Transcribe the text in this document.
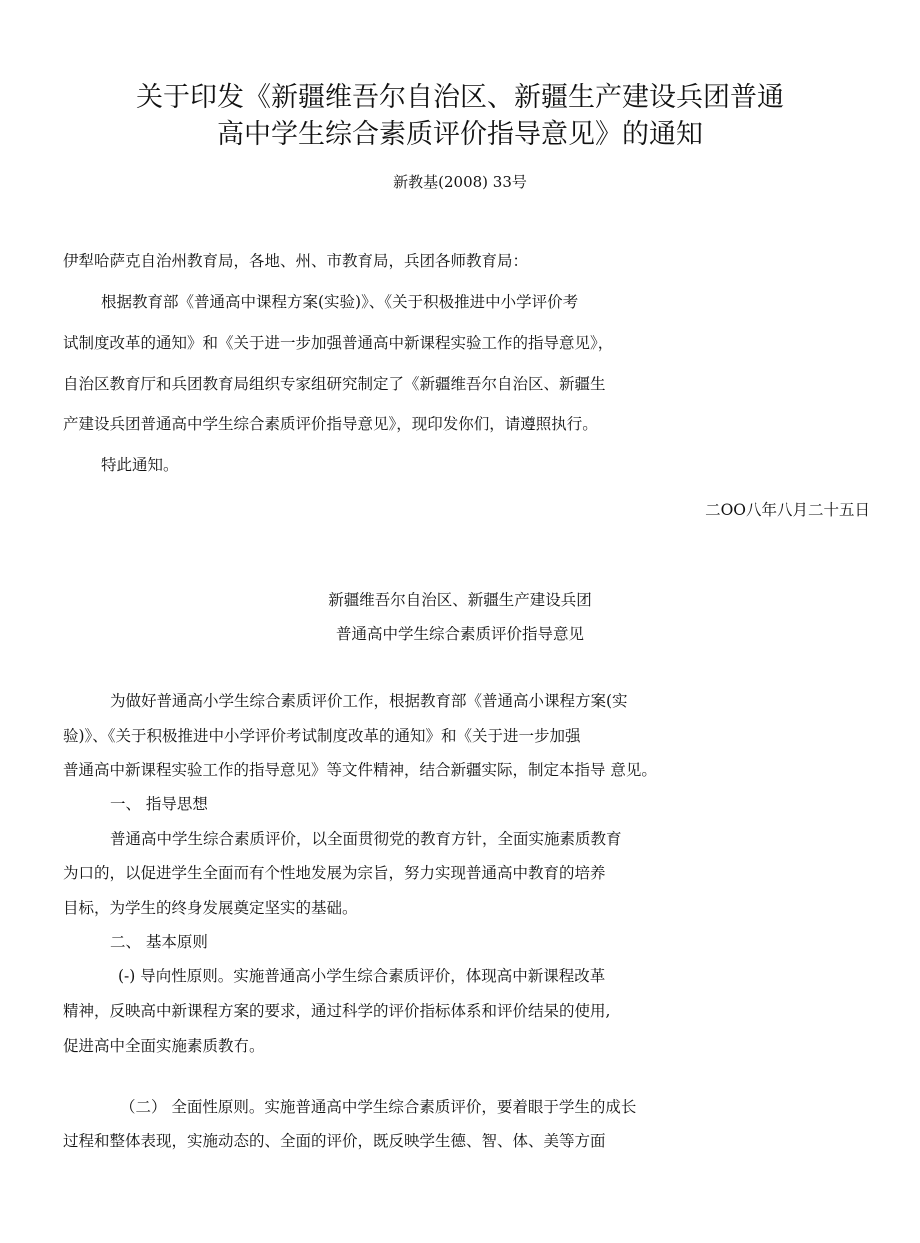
关于印发《新疆维吾尔自治区、新疆生产建设兵团普通
高中学生综合素质评价指导意见》的通知
新教基(2008) 33号
伊犁哈萨克自治州教育局，各地、州、市教育局，兵团各师教育局：
根据教育部《普通高中课程方案(实验)》、《关于积极推进中小学评价考
试制度改革的通知》和《关于进一步加强普通高中新课程实验工作的指导意见》，
自治区教育厅和兵团教育局组织专家组研究制定了《新疆维吾尔自治区、新疆生
产建设兵团普通高中学生综合素质评价指导意见》，现印发你们，请遵照执行。
特此通知。
二OO八年八月二十五日
新疆维吾尔自治区、新疆生产建设兵团
普通高中学生综合素质评价指导意见
为做好普通高小学生综合素质评价工作，根据教育部《普通高小课程方案(实
验)》、《关于积极推进中小学评价考试制度改革的通知》和《关于进一步加强
普通高中新课程实验工作的指导意见》等文件精神，结合新疆实际，制定本指导 意见。
一、 指导思想
普通高中学生综合素质评价，以全面贯彻党的教育方针，全面实施素质教育
为口的，以促进学生全面而有个性地发展为宗旨，努力实现普通高中教育的培养
目标，为学生的终身发展奠定坚实的基础。
二、 基本原则
(-) 导向性原则。实施普通高小学生综合素质评价，体现高中新课程改革
精神，反映高中新课程方案的要求，通过科学的评价指标体系和评价结杲的使用,
促进高中全面实施素质教冇。
（二） 全面性原则。实施普通高中学生综合素质评价，要着眼于学生的成长
过程和整体表现，实施动态的、全面的评价，既反映学生德、智、体、美等方面
